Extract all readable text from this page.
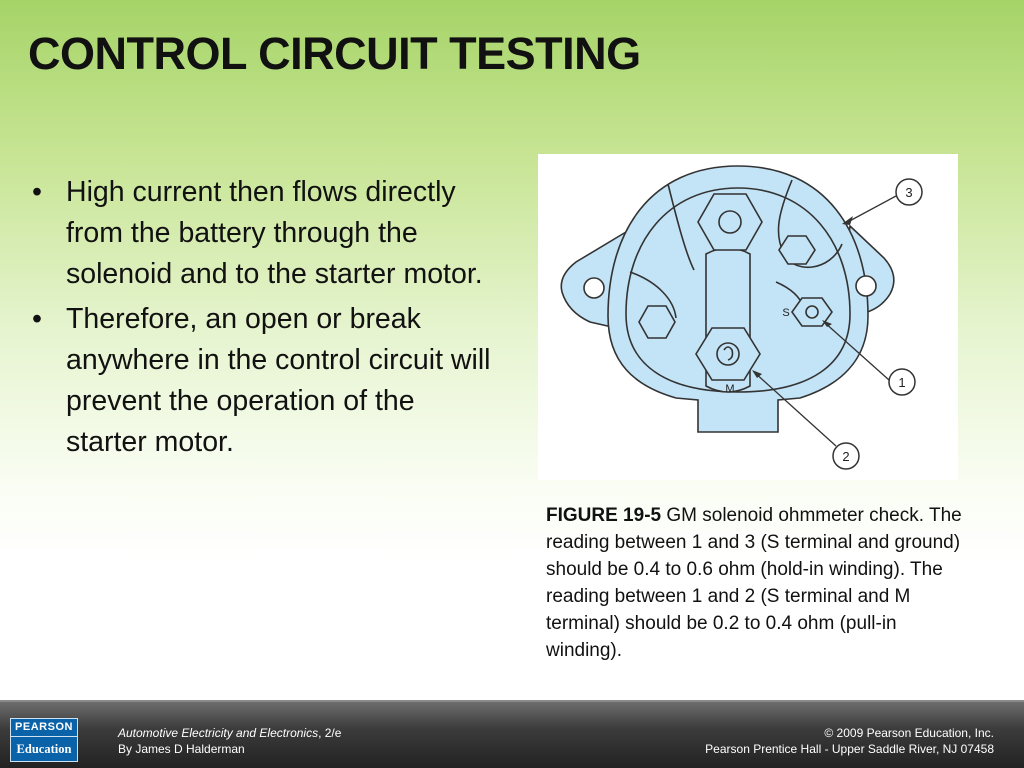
CONTROL CIRCUIT TESTING
• High current then flows directly from the battery through the solenoid and to the starter motor.
• Therefore, an open or break anywhere in the control circuit will prevent the operation of the starter motor.
3
1
2
S
M
FIGURE 19-5 GM solenoid ohmmeter check. The reading between 1 and 3 (S terminal and ground) should be 0.4 to 0.6 ohm (hold-in winding). The reading between 1 and 2 (S terminal and M terminal) should be 0.2 to 0.4 ohm (pull-in winding).
PEARSON
Education
Automotive Electricity and Electronics, 2/e
By James D Halderman
© 2009 Pearson Education, Inc.
Pearson Prentice Hall - Upper Saddle River, NJ 07458
